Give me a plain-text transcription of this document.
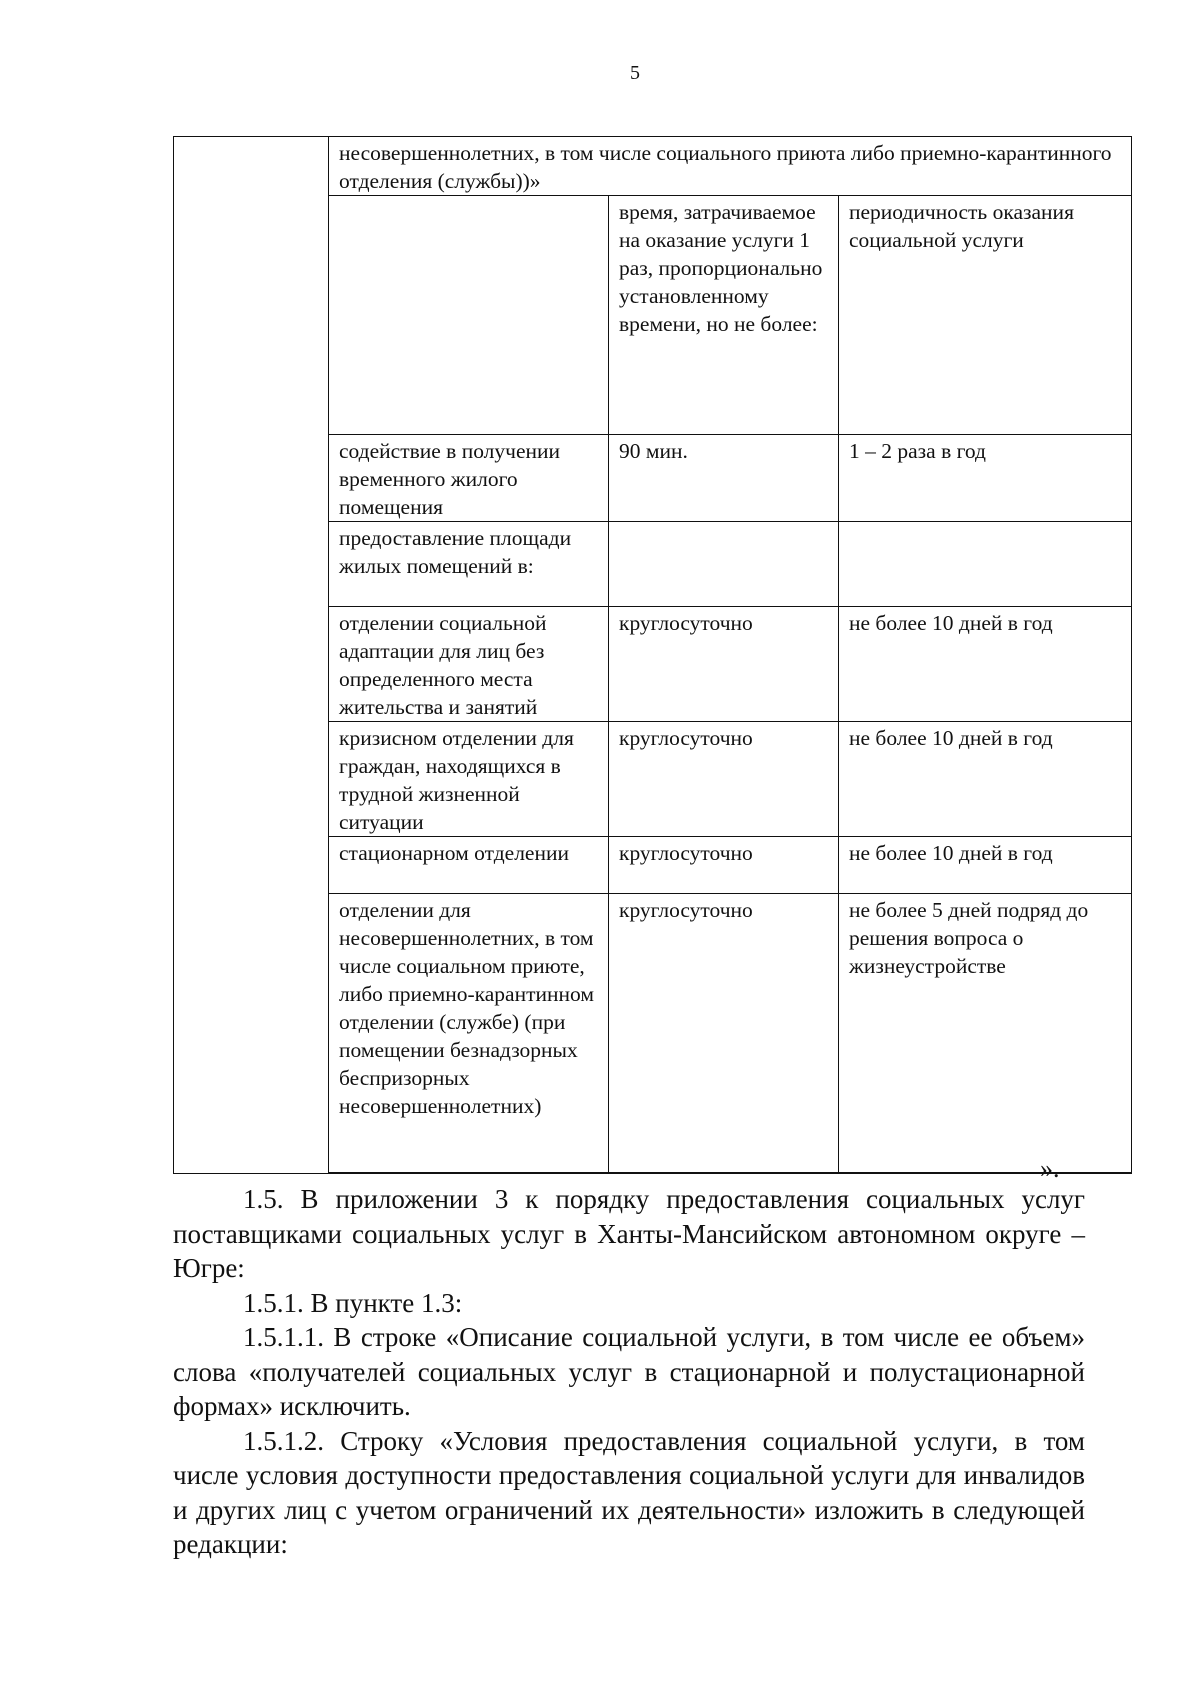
5
	несовершеннолетних, в том числе социального приюта либо приемно-карантинного отделения (службы))»		
		время, затрачиваемое на оказание услуги 1 раз, пропорционально установленному времени, но не более:	периодичность оказания социальной услуги
	содействие в получении временного жилого помещения	90 мин.	1 – 2 раза в год
	предоставление площади жилых помещений в:		
	отделении социальной адаптации для лиц без определенного места жительства и занятий	круглосуточно	не более 10 дней в год
	кризисном отделении для граждан, находящихся в трудной жизненной ситуации	круглосуточно	не более 10 дней в год
	стационарном отделении	круглосуточно	не более 10 дней в год
	отделении для несовершеннолетних, в том числе социальном приюте, либо приемно-карантинном отделении (службе) (при помещении безнадзорных беспризорных несовершеннолетних)	круглосуточно	не более 5 дней подряд до решения вопроса о жизнеустройстве
».

1.5. В приложении 3 к порядку предоставления социальных услуг поставщиками социальных услуг в Ханты-Мансийском автономном округе – Югре:

1.5.1. В пункте 1.3:

1.5.1.1. В строке «Описание социальной услуги, в том числе ее объем» слова «получателей социальных услуг в стационарной и полустационарной формах» исключить.

1.5.1.2. Строку «Условия предоставления социальной услуги, в том числе условия доступности предоставления социальной услуги для инвалидов и других лиц с учетом ограничений их деятельности» изложить в следующей редакции:
